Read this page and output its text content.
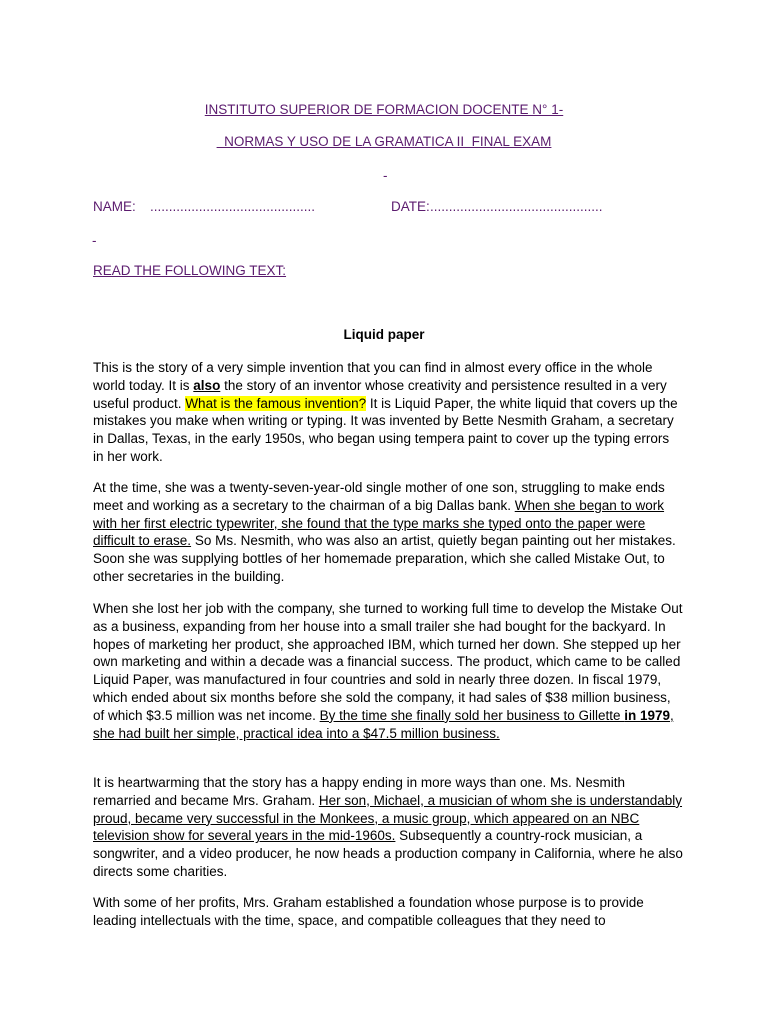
INSTITUTO SUPERIOR DE FORMACION DOCENTE N° 1-
NORMAS Y USO DE LA GRAMATICA II  FINAL EXAM
-
NAME: ............................................	DATE: ..............................................
-
READ THE FOLLOWING TEXT:
Liquid paper

This is the story of a very simple invention that you can find in almost every office in the whole world today. It is also the story of an inventor whose creativity and persistence resulted in a very useful product. What is the famous invention? It is Liquid Paper, the white liquid that covers up the mistakes you make when writing or typing. It was invented by Bette Nesmith Graham, a secretary in Dallas, Texas, in the early 1950s, who began using tempera paint to cover up the typing errors in her work.

At the time, she was a twenty-seven-year-old single mother of one son, struggling to make ends meet and working as a secretary to the chairman of a big Dallas bank. When she began to work with her first electric typewriter, she found that the type marks she typed onto the paper were difficult to erase. So Ms. Nesmith, who was also an artist, quietly began painting out her mistakes. Soon she was supplying bottles of her homemade preparation, which she called Mistake Out, to other secretaries in the building.

When she lost her job with the company, she turned to working full time to develop the Mistake Out as a business, expanding from her house into a small trailer she had bought for the backyard. In hopes of marketing her product, she approached IBM, which turned her down. She stepped up her own marketing and within a decade was a financial success. The product, which came to be called Liquid Paper, was manufactured in four countries and sold in nearly three dozen. In fiscal 1979, which ended about six months before she sold the company, it had sales of $38 million business, of which $3.5 million was net income. By the time she finally sold her business to Gillette in 1979, she had built her simple, practical idea into a $47.5 million business.

It is heartwarming that the story has a happy ending in more ways than one. Ms. Nesmith remarried and became Mrs. Graham. Her son, Michael, a musician of whom she is understandably proud, became very successful in the Monkees, a music group, which appeared on an NBC television show for several years in the mid-1960s. Subsequently a country-rock musician, a songwriter, and a video producer, he now heads a production company in California, where he also directs some charities.

With some of her profits, Mrs. Graham established a foundation whose purpose is to provide leading intellectuals with the time, space, and compatible colleagues that they need to
